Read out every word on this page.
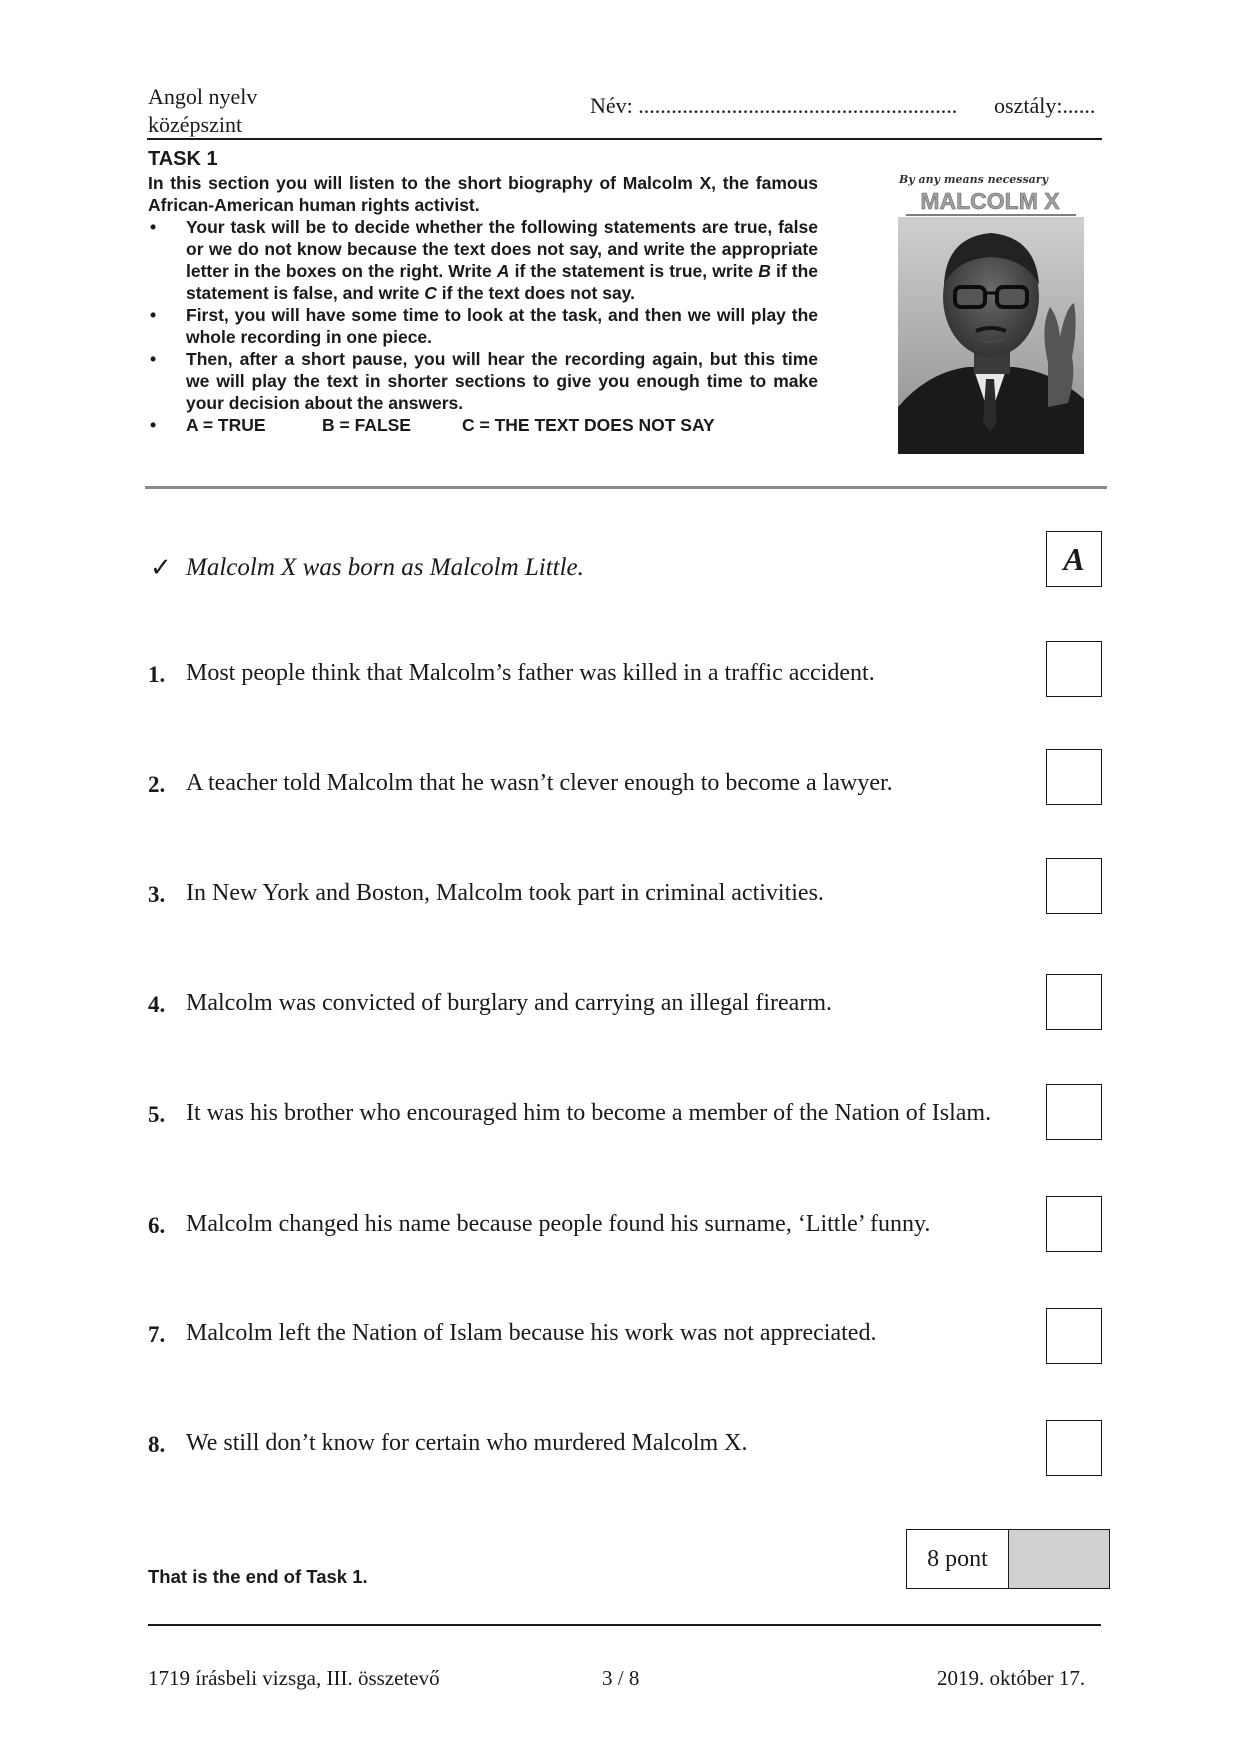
Angol nyelv
középszint
Név: .......................................................... osztály:......
TASK 1
In this section you will listen to the short biography of Malcolm X, the famous African-American human rights activist.
• Your task will be to decide whether the following statements are true, false or we do not know because the text does not say, and write the appropriate letter in the boxes on the right. Write A if the statement is true, write B if the statement is false, and write C if the text does not say.
• First, you will have some time to look at the task, and then we will play the whole recording in one piece.
• Then, after a short pause, you will hear the recording again, but this time we will play the text in shorter sections to give you enough time to make your decision about the answers.
• A = TRUE	B = FALSE	C = THE TEXT DOES NOT SAY
By any means necessary
MALCOLM X
✓ Malcolm X was born as Malcolm Little.	A
1. Most people think that Malcolm’s father was killed in a traffic accident.
2. A teacher told Malcolm that he wasn’t clever enough to become a lawyer.
3. In New York and Boston, Malcolm took part in criminal activities.
4. Malcolm was convicted of burglary and carrying an illegal firearm.
5. It was his brother who encouraged him to become a member of the Nation of Islam.
6. Malcolm changed his name because people found his surname, ‘Little’ funny.
7. Malcolm left the Nation of Islam because his work was not appreciated.
8. We still don’t know for certain who murdered Malcolm X.
8 pont
That is the end of Task 1.
1719 írásbeli vizsga, III. összetevő	3 / 8	2019. október 17.
